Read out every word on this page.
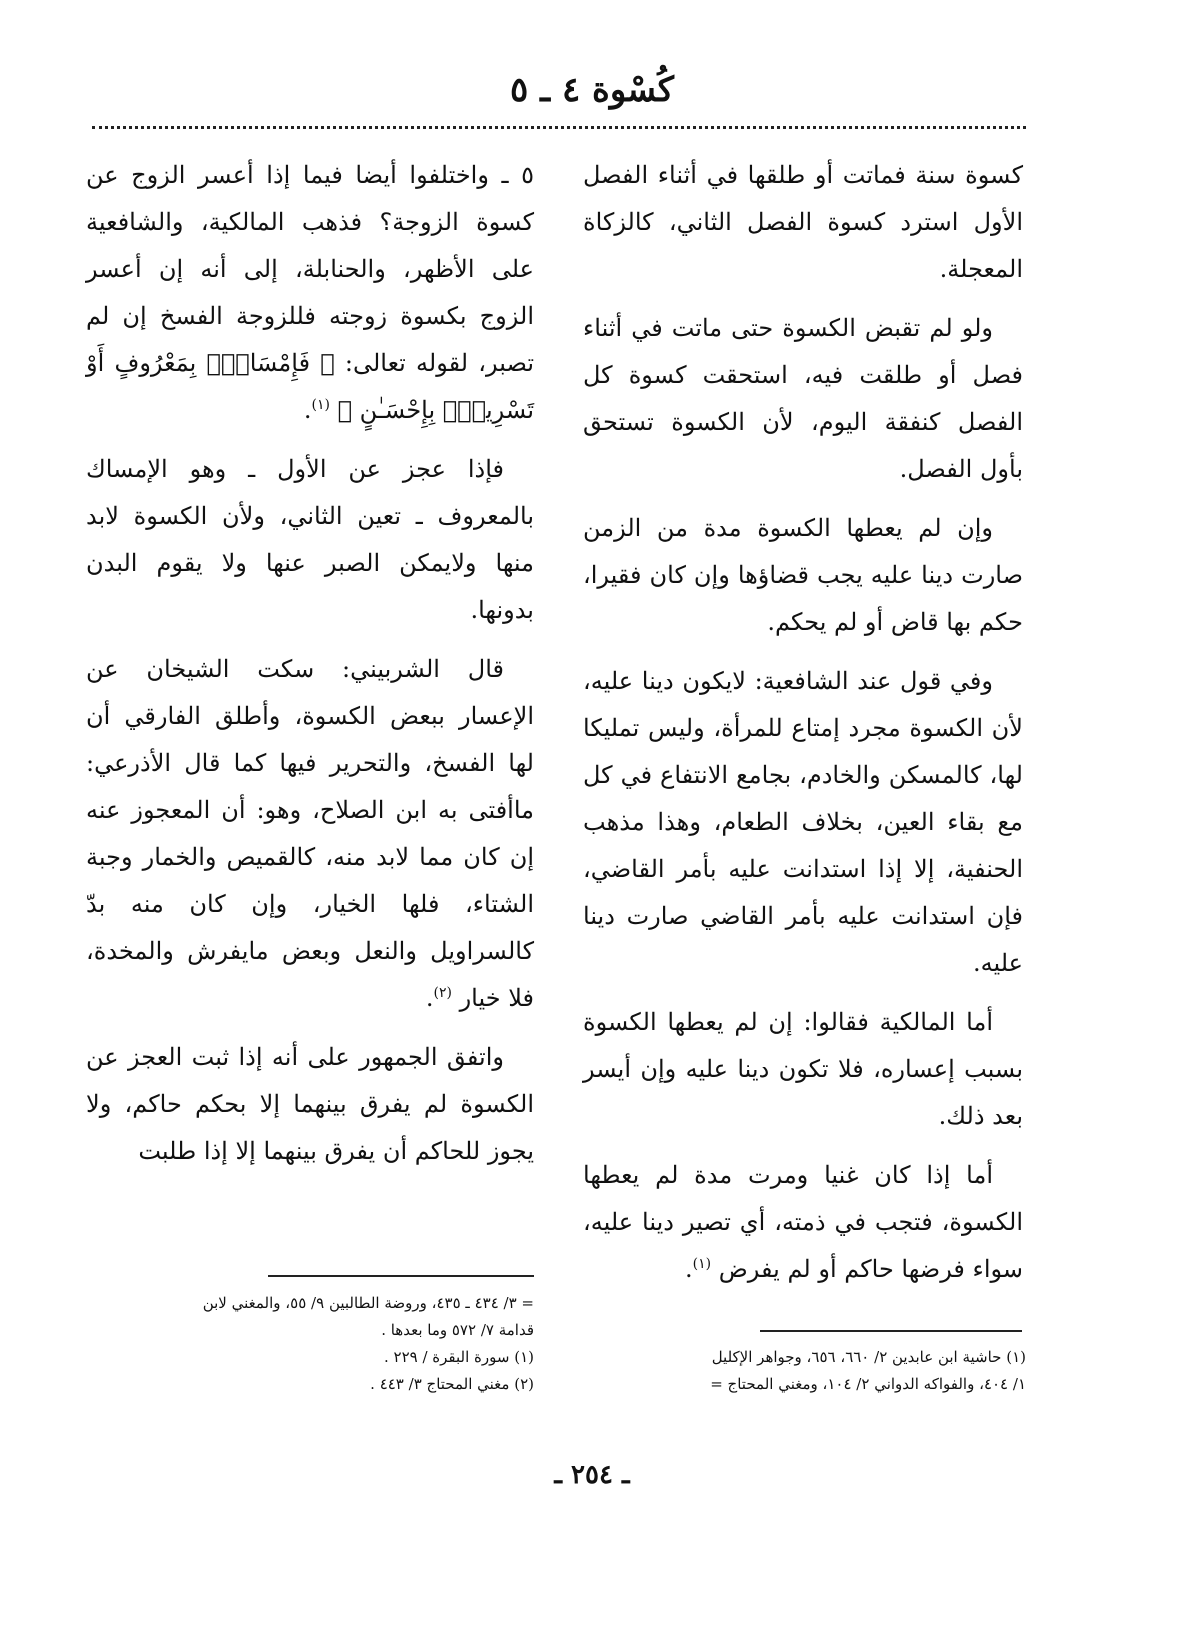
كُسْوة ٤ ـ ٥

كسوة سنة فماتت أو طلقها في أثناء الفصل الأول استرد كسوة الفصل الثاني، كالزكاة المعجلة.

ولو لم تقبض الكسوة حتى ماتت في أثناء فصل أو طلقت فيه، استحقت كسوة كل الفصل كنفقة اليوم، لأن الكسوة تستحق بأول الفصل.

وإن لم يعطها الكسوة مدة من الزمن صارت دينا عليه يجب قضاؤها وإن كان فقيرا، حكم بها قاض أو لم يحكم.

وفي قول عند الشافعية: لايكون دينا عليه، لأن الكسوة مجرد إمتاع للمرأة، وليس تمليكا لها، كالمسكن والخادم، بجامع الانتفاع في كل مع بقاء العين، بخلاف الطعام، وهذا مذهب الحنفية، إلا إذا استدانت عليه بأمر القاضي، فإن استدانت عليه بأمر القاضي صارت دينا عليه.

أما المالكية فقالوا: إن لم يعطها الكسوة بسبب إعساره، فلا تكون دينا عليه وإن أيسر بعد ذلك.

أما إذا كان غنيا ومرت مدة لم يعطها الكسوة، فتجب في ذمته، أي تصير دينا عليه، سواء فرضها حاكم أو لم يفرض $^{(١)}$.

٥ ـ واختلفوا أيضا فيما إذا أعسر الزوج عن كسوة الزوجة؟ فذهب المالكية، والشافعية على الأظهر، والحنابلة، إلى أنه إن أعسر الزوج بكسوة زوجته فللزوجة الفسخ إن لم تصبر، لقوله تعالى: ﴿ فَإِمْسَاكٌۢ بِمَعْرُوفٍ أَوْ تَسْرِيحٌۢ بِإِحْسَـٰنٍ ﴾ $^{(١)}$.

فإذا عجز عن الأول ـ وهو الإمساك بالمعروف ـ تعين الثاني، ولأن الكسوة لابد منها ولايمكن الصبر عنها ولا يقوم البدن بدونها.

قال الشربيني: سكت الشيخان عن الإعسار ببعض الكسوة، وأطلق الفارقي أن لها الفسخ، والتحرير فيها كما قال الأذرعي: ماأفتى به ابن الصلاح، وهو: أن المعجوز عنه إن كان مما لابد منه، كالقميص والخمار وجبة الشتاء، فلها الخيار، وإن كان منه بدّ كالسراويل والنعل وبعض مايفرش والمخدة، فلا خيار $^{(٢)}$.

واتفق الجمهور على أنه إذا ثبت العجز عن الكسوة لم يفرق بينهما إلا بحكم حاكم، ولا يجوز للحاكم أن يفرق بينهما إلا إذا طلبت

(١) حاشية ابن عابدين ٢/ ٦٦٠، ٦٥٦، وجواهر الإكليل

١/ ٤٠٤، والفواكه الدواني ٢/ ١٠٤، ومغني المحتاج =

= ٣/ ٤٣٤ ـ ٤٣٥، وروضة الطالبين ٩/ ٥٥، والمغني لابن

قدامة ٧/ ٥٧٢ وما بعدها .

(١) سورة البقرة / ٢٢٩ .

(٢) مغني المحتاج ٣/ ٤٤٣ .

ـ ٢٥٤ ـ
